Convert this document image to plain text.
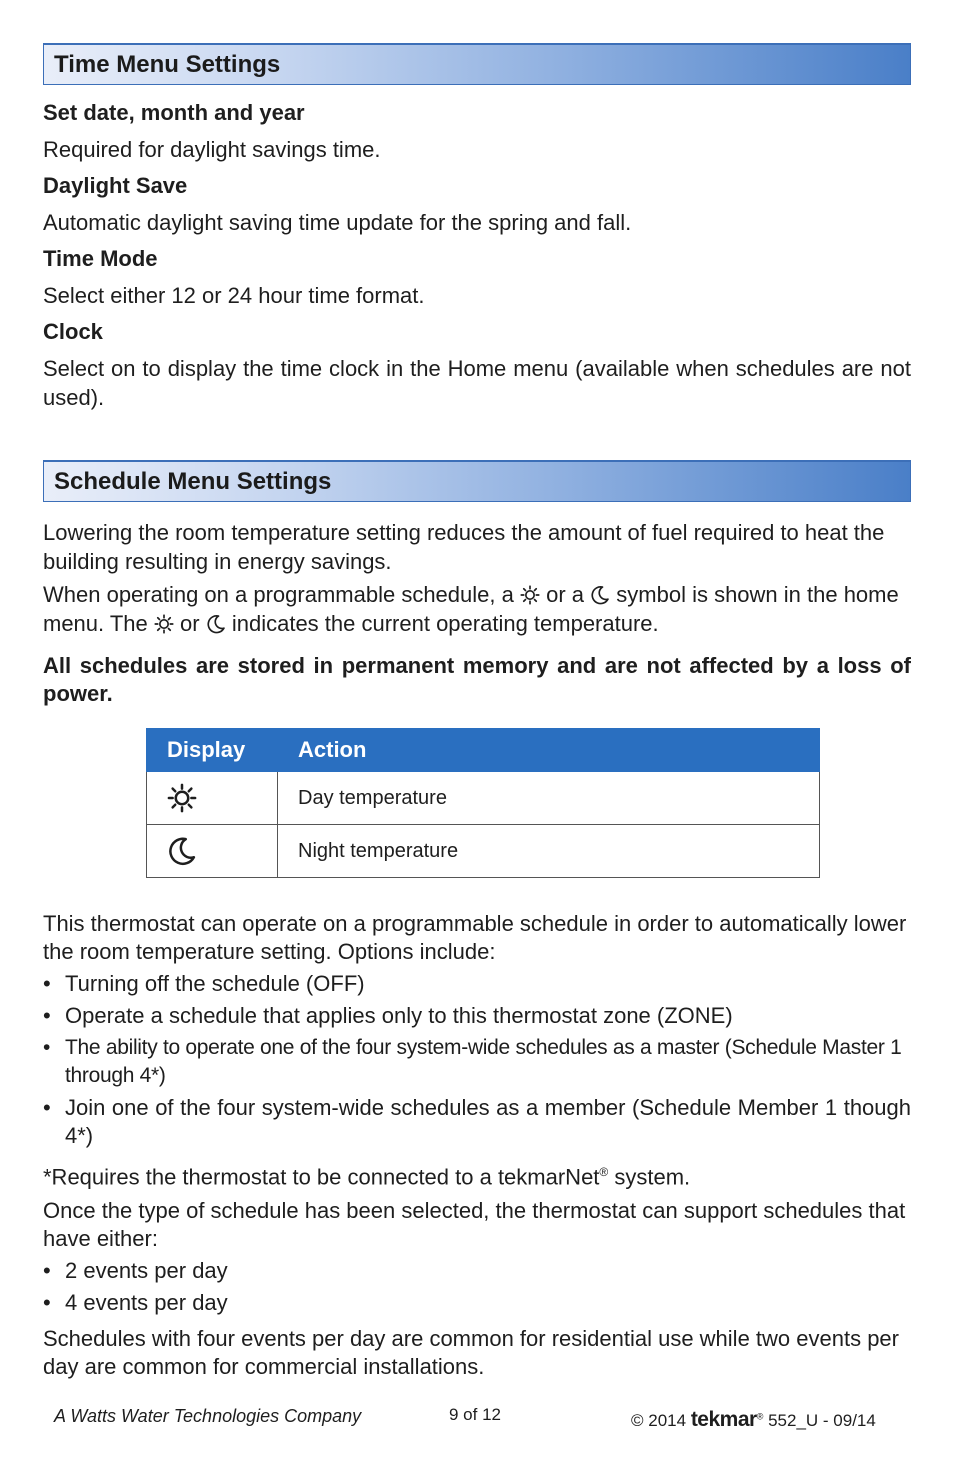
Time Menu Settings

Set date, month and year

Required for daylight savings time.

Daylight Save

Automatic daylight saving time update for the spring and fall.

Time Mode

Select either 12 or 24 hour time format.

Clock

Select on to display the time clock in the Home menu (available when schedules are not used).

Schedule Menu Settings

Lowering the room temperature setting reduces the amount of fuel required to heat the building resulting in energy savings.

When operating on a programmable schedule, a or a symbol is shown in the home menu. The or indicates the current operating temperature.

All schedules are stored in permanent memory and are not affected by a loss of power.

Display	Action
	Day temperature
	Night temperature

This thermostat can operate on a programmable schedule in order to automatically lower the room temperature setting. Options include:

• Turning off the schedule (OFF)
• Operate a schedule that applies only to this thermostat zone (ZONE)
• The ability to operate one of the four system-wide schedules as a master (Schedule Master 1 through 4*)
• Join one of the four system-wide schedules as a member (Schedule Member 1 though 4*)

*Requires the thermostat to be connected to a tekmarNet® system.

Once the type of schedule has been selected, the thermostat can support schedules that have either:

• 2 events per day
• 4 events per day

Schedules with four events per day are common for residential use while two events per day are common for commercial installations.

A Watts Water Technologies Company	9 of 12	© 2014 tekmar® 552_U - 09/14
